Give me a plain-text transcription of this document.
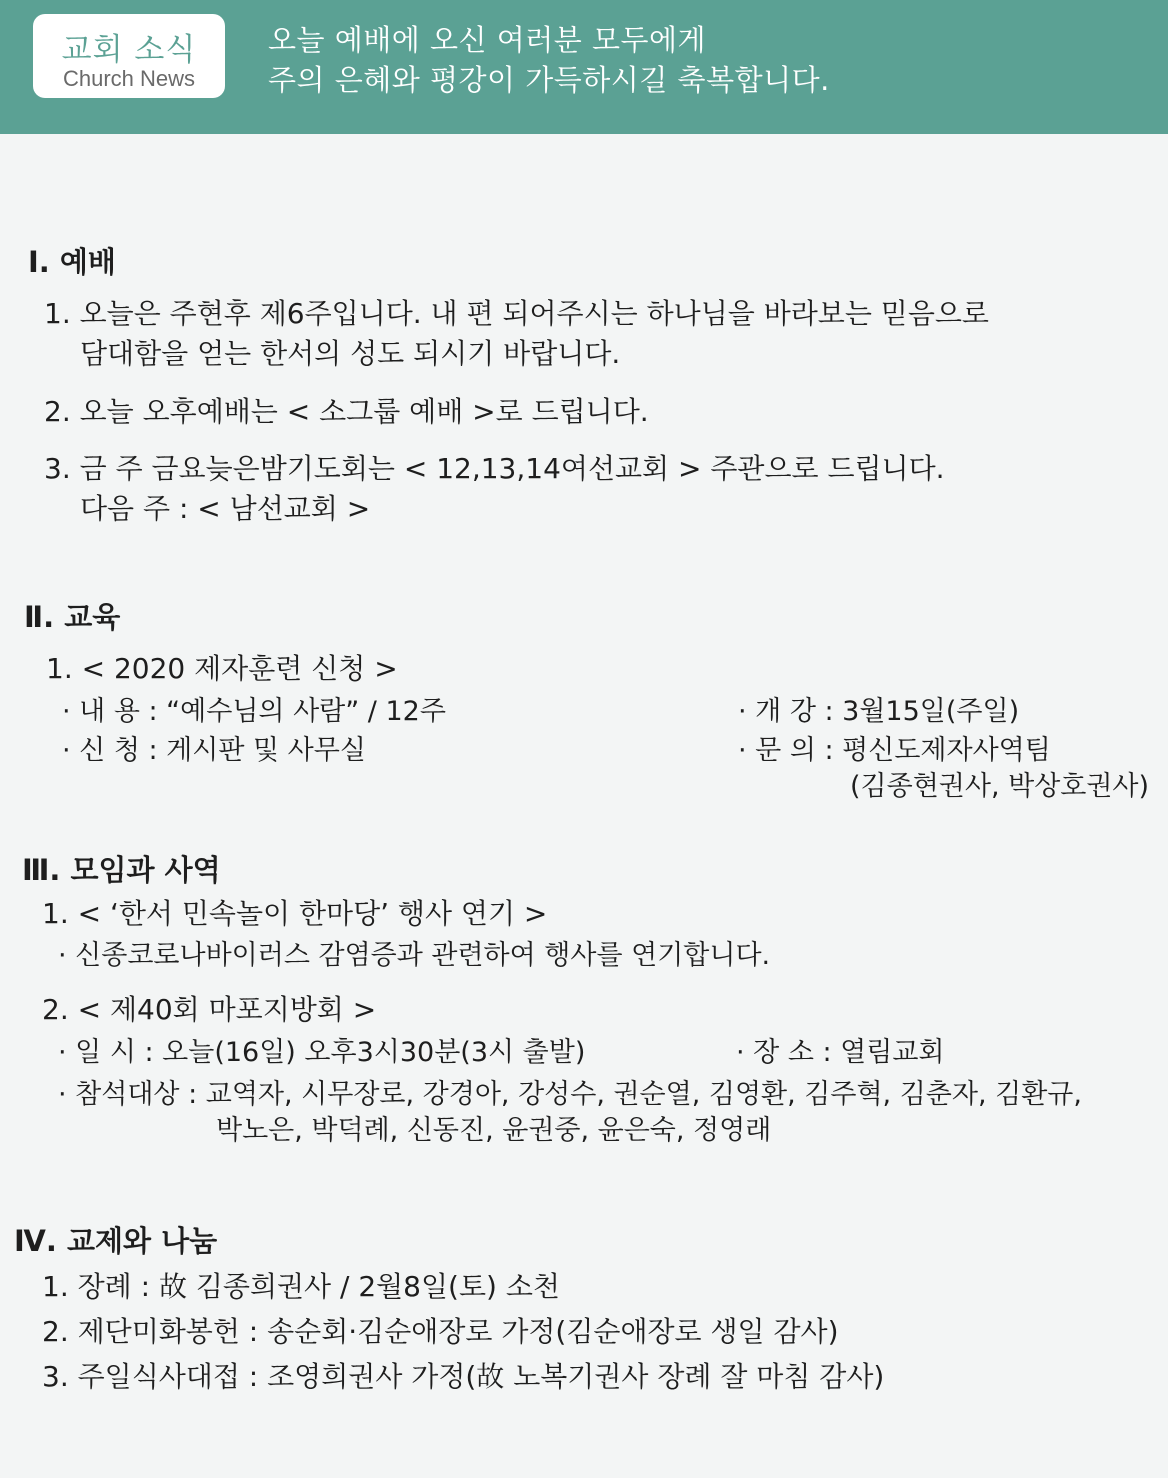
교회 소식
Church News
오늘 예배에 오신 여러분 모두에게
주의 은혜와 평강이 가득하시길 축복합니다.
Ⅰ. 예배
1. 오늘은 주현후 제6주입니다. 내 편 되어주시는 하나님을 바라보는 믿음으로
담대함을 얻는 한서의 성도 되시기 바랍니다.
2. 오늘 오후예배는 < 소그룹 예배 >로 드립니다.
3. 금 주 금요늦은밤기도회는 < 12,13,14여선교회 > 주관으로 드립니다.
다음 주 : < 남선교회 >
Ⅱ. 교육
1. < 2020 제자훈련 신청 >
· 내 용 : “예수님의 사람” / 12주
· 신 청 : 게시판 및 사무실
· 개 강 : 3월15일(주일)
· 문 의 : 평신도제자사역팀
(김종현권사, 박상호권사)
Ⅲ. 모임과 사역
1. < ‘한서 민속놀이 한마당’ 행사 연기 >
· 신종코로나바이러스 감염증과 관련하여 행사를 연기합니다.
2. < 제40회 마포지방회 >
· 일 시 : 오늘(16일) 오후3시30분(3시 출발)	· 장 소 : 열림교회
· 참석대상 : 교역자, 시무장로, 강경아, 강성수, 권순열, 김영환, 김주혁, 김춘자, 김환규,
박노은, 박덕례, 신동진, 윤권중, 윤은숙, 정영래
Ⅳ. 교제와 나눔
1. 장례 : 故 김종희권사 / 2월8일(토) 소천
2. 제단미화봉헌 : 송순회·김순애장로 가정(김순애장로 생일 감사)
3. 주일식사대접 : 조영희권사 가정(故 노복기권사 장례 잘 마침 감사)
